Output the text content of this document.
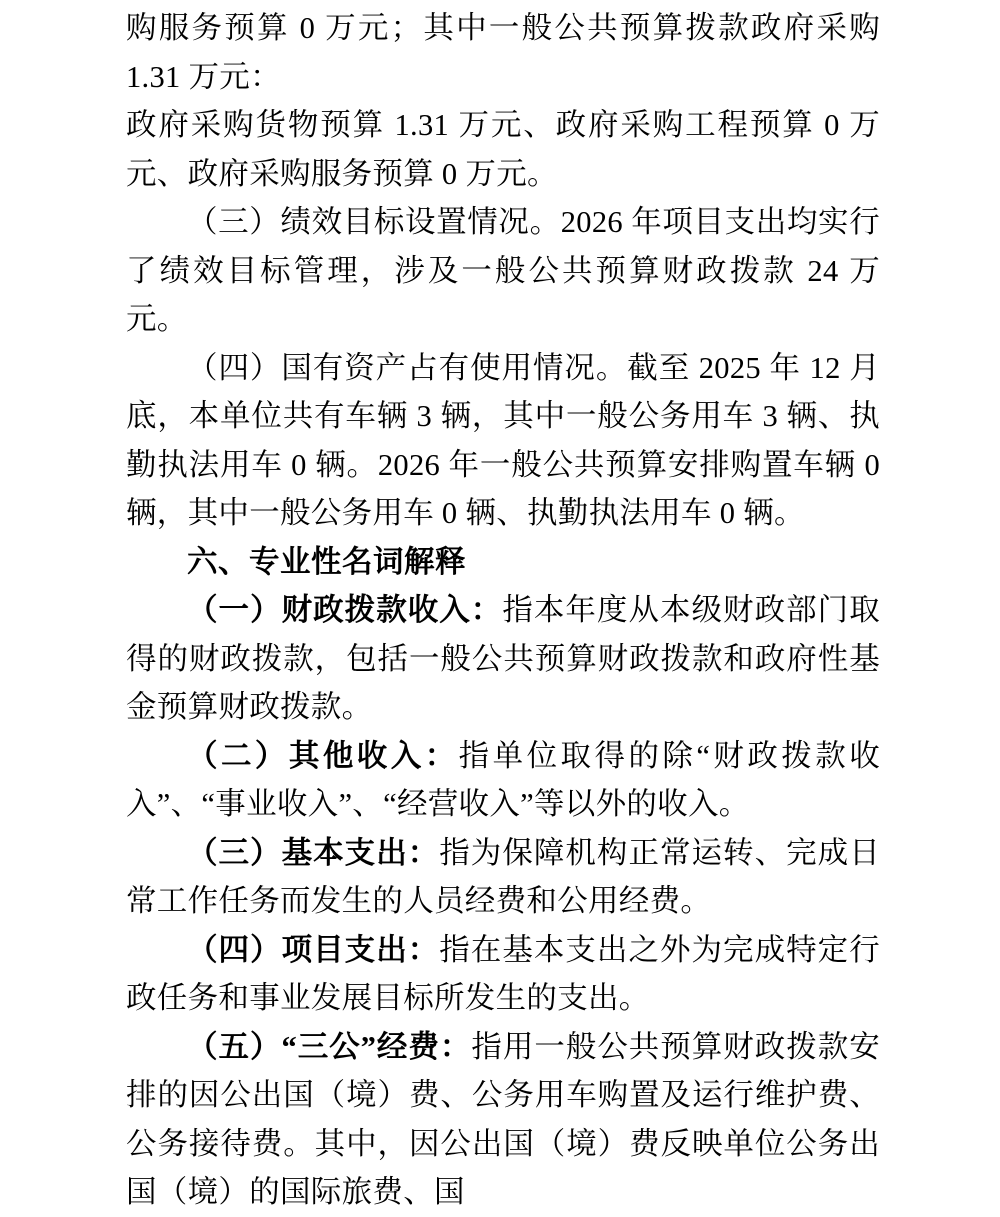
购服务预算 0 万元；其中一般公共预算拨款政府采购 1.31 万元：

政府采购货物预算 1.31 万元、政府采购工程预算 0 万元、政府采购服务预算 0 万元。

（三）绩效目标设置情况。2026 年项目支出均实行了绩效目标管理，涉及一般公共预算财政拨款 24 万元。

（四）国有资产占有使用情况。截至 2025 年 12 月底，本单位共有车辆 3 辆，其中一般公务用车 3 辆、执勤执法用车 0 辆。2026 年一般公共预算安排购置车辆 0 辆，其中一般公务用车 0 辆、执勤执法用车 0 辆。

六、专业性名词解释

（一）财政拨款收入：指本年度从本级财政部门取得的财政拨款，包括一般公共预算财政拨款和政府性基金预算财政拨款。

（二）其他收入：指单位取得的除“财政拨款收入”、“事业收入”、“经营收入”等以外的收入。

（三）基本支出：指为保障机构正常运转、完成日常工作任务而发生的人员经费和公用经费。

（四）项目支出：指在基本支出之外为完成特定行政任务和事业发展目标所发生的支出。

（五）“三公”经费：指用一般公共预算财政拨款安排的因公出国（境）费、公务用车购置及运行维护费、公务接待费。其中，因公出国（境）费反映单位公务出国（境）的国际旅费、国
